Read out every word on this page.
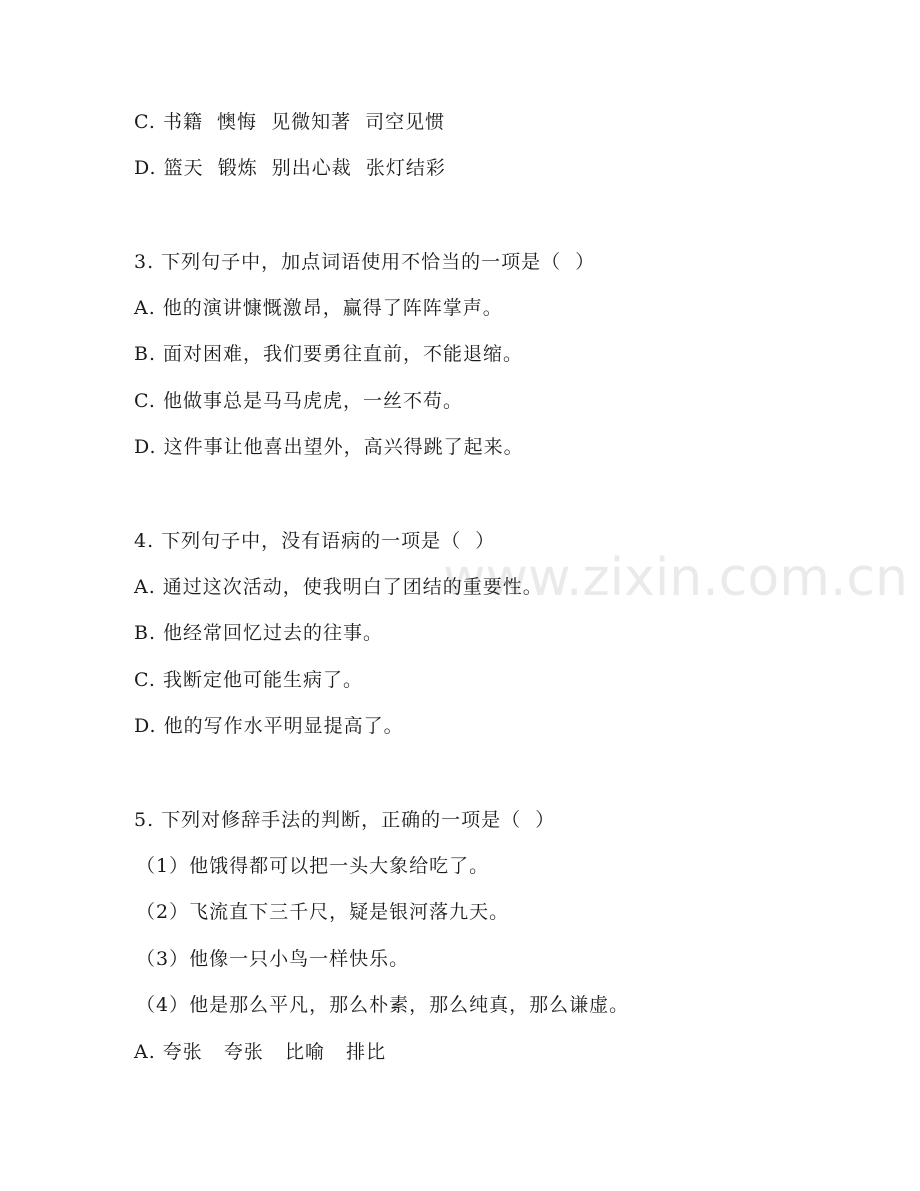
www.zixin.com.cn
C. 书籍  懊悔  见微知著  司空见惯
D. 篮天  锻炼  别出心裁  张灯结彩
3. 下列句子中，加点词语使用不恰当的一项是（  ）
A. 他的演讲慷慨激昂，赢得了阵阵掌声。
B. 面对困难，我们要勇往直前，不能退缩。
C. 他做事总是马马虎虎，一丝不苟。
D. 这件事让他喜出望外，高兴得跳了起来。
4. 下列句子中，没有语病的一项是（  ）
A. 通过这次活动，使我明白了团结的重要性。
B. 他经常回忆过去的往事。
C. 我断定他可能生病了。
D. 他的写作水平明显提高了。
5. 下列对修辞手法的判断，正确的一项是（  ）
（1）他饿得都可以把一头大象给吃了。
（2）飞流直下三千尺，疑是银河落九天。
（3）他像一只小鸟一样快乐。
（4）他是那么平凡，那么朴素，那么纯真，那么谦虚。
A. 夸张   夸张   比喻   排比
